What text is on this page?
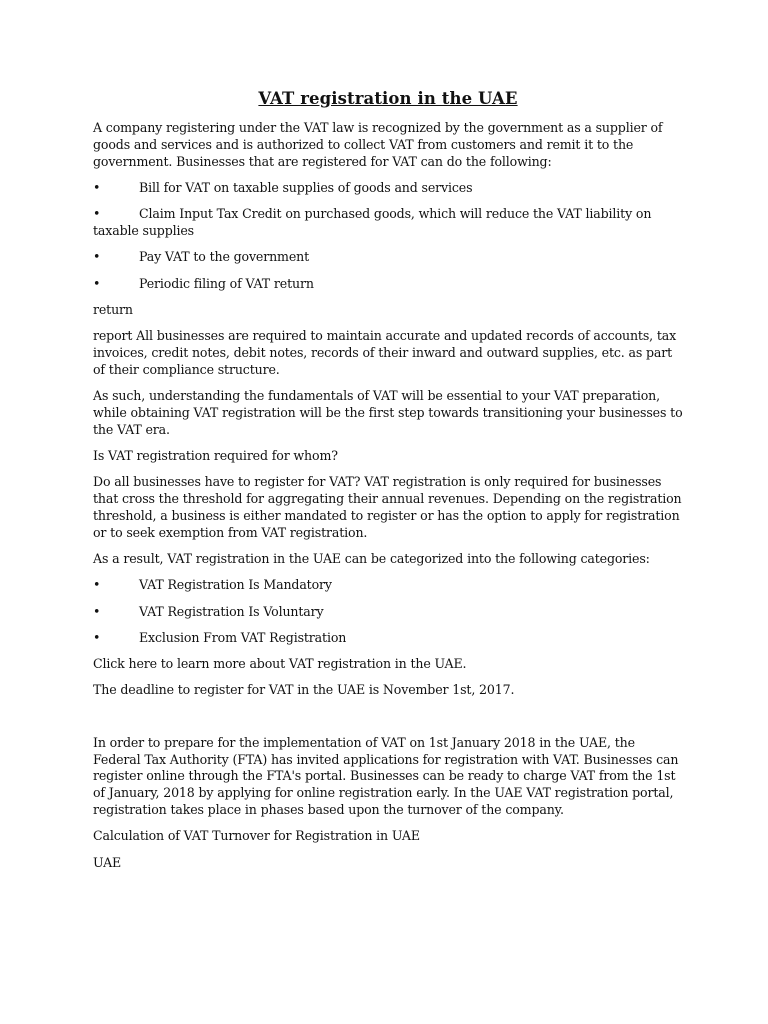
VAT registration in the UAE

A company registering under the VAT law is recognized by the government as a supplier of goods and services and is authorized to collect VAT from customers and remit it to the government. Businesses that are registered for VAT can do the following:

•	Bill for VAT on taxable supplies of goods and services

•	Claim Input Tax Credit on purchased goods, which will reduce the VAT liability on taxable supplies

•	Pay VAT to the government

•	Periodic filing of VAT return

return

report All businesses are required to maintain accurate and updated records of accounts, tax invoices, credit notes, debit notes, records of their inward and outward supplies, etc. as part of their compliance structure.

As such, understanding the fundamentals of VAT will be essential to your VAT preparation, while obtaining VAT registration will be the first step towards transitioning your businesses to the VAT era.

Is VAT registration required for whom?

Do all businesses have to register for VAT? VAT registration is only required for businesses that cross the threshold for aggregating their annual revenues. Depending on the registration threshold, a business is either mandated to register or has the option to apply for registration or to seek exemption from VAT registration.

As a result, VAT registration in the UAE can be categorized into the following categories:

•	VAT Registration Is Mandatory

•	VAT Registration Is Voluntary

•	Exclusion From VAT Registration

Click here to learn more about VAT registration in the UAE.

The deadline to register for VAT in the UAE is November 1st, 2017.

In order to prepare for the implementation of VAT on 1st January 2018 in the UAE, the Federal Tax Authority (FTA) has invited applications for registration with VAT. Businesses can register online through the FTA's portal. Businesses can be ready to charge VAT from the 1st of January, 2018 by applying for online registration early. In the UAE VAT registration portal, registration takes place in phases based upon the turnover of the company.

Calculation of VAT Turnover for Registration in UAE

UAE
